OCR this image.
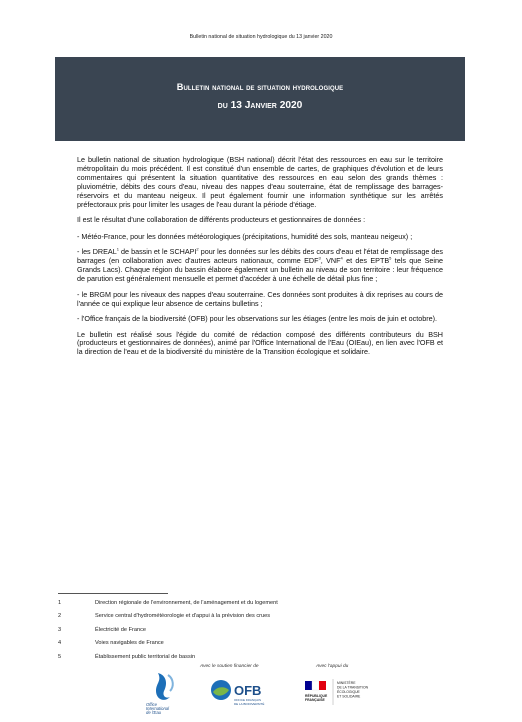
Bulletin national de situation hydrologique du 13 janvier 2020
Bulletin national de situation hydrologique
du 13 Janvier 2020

Le bulletin national de situation hydrologique (BSH national) décrit l'état des ressources en eau sur le territoire métropolitain du mois précédent. Il est constitué d'un ensemble de cartes, de graphiques d'évolution et de leurs commentaires qui présentent la situation quantitative des ressources en eau selon des grands thèmes : pluviométrie, débits des cours d'eau, niveau des nappes d'eau souterraine, état de remplissage des barrages-réservoirs et du manteau neigeux. Il peut également fournir une information synthétique sur les arrêtés préfectoraux pris pour limiter les usages de l'eau durant la période d'étiage.

Il est le résultat d'une collaboration de différents producteurs et gestionnaires de données :

- Météo-France, pour les données météorologiques (précipitations, humidité des sols, manteau neigeux) ;

- les DREAL$^1$ de bassin et le SCHAPI$^2$ pour les données sur les débits des cours d'eau et l'état de remplissage des barrages (en collaboration avec d'autres acteurs nationaux, comme EDF$^3$, VNF$^4$ et des EPTB$^5$ tels que Seine Grands Lacs). Chaque région du bassin élabore également un bulletin au niveau de son territoire : leur fréquence de parution est généralement mensuelle et permet d'accéder à une échelle de détail plus fine ;

- le BRGM pour les niveaux des nappes d'eau souterraine. Ces données sont produites à dix reprises au cours de l'année ce qui explique leur absence de certains bulletins ;

- l'Office français de la biodiversité (OFB) pour les observations sur les étiages (entre les mois de juin et octobre).

Le bulletin est réalisé sous l'égide du comité de rédaction composé des différents contributeurs du BSH (producteurs et gestionnaires de données), animé par l'Office International de l'Eau (OIEau), en lien avec l'OFB et la direction de l'eau et de la biodiversité du ministère de la Transition écologique et solidaire.

1	Direction régionale de l'environnement, de l'aménagement et du logement
2	Service central d'hydrométéorologie et d'appui à la prévision des crues
3	Électricité de France
4	Voies navigables de France
5	Établissement public territorial de bassin
Avec le soutien financier de	Avec l'appui du
Office
International
de l'Eau
OFB
OFFICE FRANÇAIS
DE LA BIODIVERSITÉ
RÉPUBLIQUE
FRANÇAISE
MINISTÈRE
DE LA TRANSITION
ÉCOLOGIQUE
ET SOLIDAIRE
